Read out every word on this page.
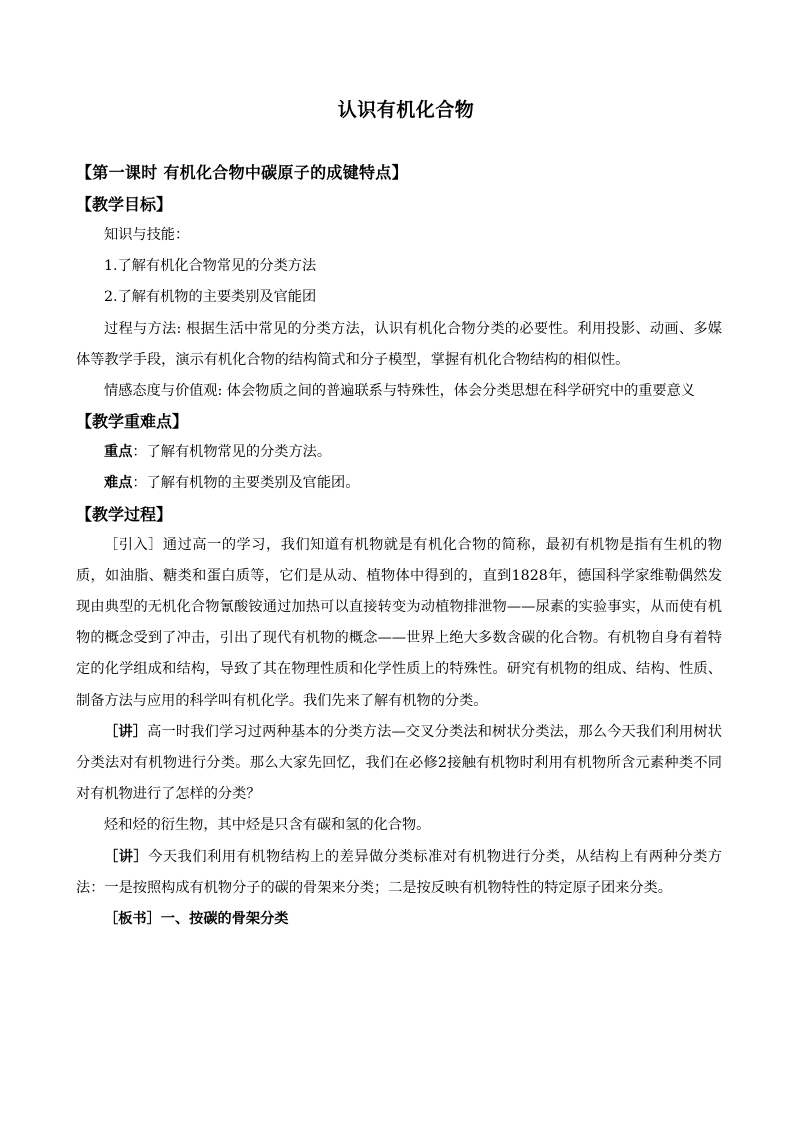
认识有机化合物
【第一课时 有机化合物中碳原子的成键特点】
【教学目标】

知识与技能：

1.了解有机化合物常见的分类方法

2.了解有机物的主要类别及官能团

过程与方法: 根据生活中常见的分类方法，认识有机化合物分类的必要性。利用投影、动画、多媒体等教学手段，演示有机化合物的结构简式和分子模型，掌握有机化合物结构的相似性。

情感态度与价值观: 体会物质之间的普遍联系与特殊性，体会分类思想在科学研究中的重要意义

【教学重难点】

重点：了解有机物常见的分类方法。

难点：了解有机物的主要类别及官能团。

【教学过程】

［引入］通过高一的学习，我们知道有机物就是有机化合物的简称，最初有机物是指有生机的物质，如油脂、糖类和蛋白质等，它们是从动、植物体中得到的，直到1828年，德国科学家维勒偶然发现由典型的无机化合物氰酸铵通过加热可以直接转变为动植物排泄物——尿素的实验事实，从而使有机物的概念受到了冲击，引出了现代有机物的概念——世界上绝大多数含碳的化合物。有机物自身有着特定的化学组成和结构，导致了其在物理性质和化学性质上的特殊性。研究有机物的组成、结构、性质、制备方法与应用的科学叫有机化学。我们先来了解有机物的分类。

［讲］高一时我们学习过两种基本的分类方法—交叉分类法和树状分类法，那么今天我们利用树状分类法对有机物进行分类。那么大家先回忆，我们在必修2接触有机物时利用有机物所含元素种类不同对有机物进行了怎样的分类？

烃和烃的衍生物，其中烃是只含有碳和氢的化合物。

［讲］今天我们利用有机物结构上的差异做分类标准对有机物进行分类，从结构上有两种分类方法：一是按照构成有机物分子的碳的骨架来分类；二是按反映有机物特性的特定原子团来分类。

［板书］一、按碳的骨架分类
